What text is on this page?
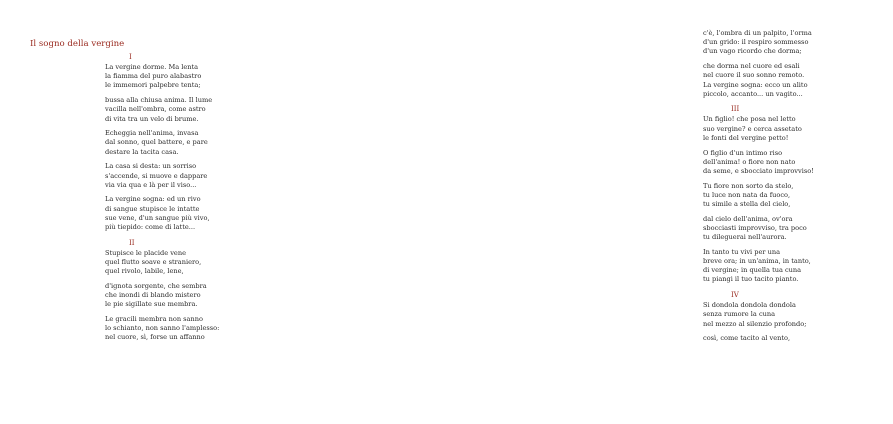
Il sogno della vergine
I
La vergine dorme. Ma lenta
la fiamma del puro alabastro
le immemori palpebre tenta;
bussa alla chiusa anima. Il lume
vacilla nell'ombra, come astro
di vita tra un velo di brume.
Echeggia nell'anima, invasa
dal sonno, quel battere, e pare
destare la tacita casa.
La casa si desta: un sorriso
s'accende, si muove e dappare
via via qua e là per il viso...
La vergine sogna: ed un rivo
di sangue stupisce le intatte
sue vene, d'un sangue più vivo,
più tiepido: come di latte...
II
Stupisce le placide vene
quel flutto soave e straniero,
quel rivolo, labile, lene,
d'ignota sorgente, che sembra
che inondi di blando mistero
le pie sigillate sue membra.
Le gracili membra non sanno
lo schianto, non sanno l'amplesso:
nel cuore, sì, forse un affanno
c'è, l'ombra di un palpito, l'orma
d'un grido: il respiro sommesso
d'un vago ricordo che dorma;
che dorma nel cuore ed esali
nel cuore il suo sonno remoto.
La vergine sogna: ecco un alito
piccolo, accanto... un vagito...
III
Un figlio! che posa nel letto
suo vergine? e cerca assetato
le fonti del vergine petto!
O figlio d'un intimo riso
dell'anima! o fiore non nato
da seme, e sbocciato improvviso!
Tu fiore non sorto da stelo,
tu luce non nata da fuoco,
tu simile a stella del cielo,
dal cielo dell'anima, ov'ora
sbocciasti improvviso, tra poco
tu dileguerai nell'aurora.
In tanto tu vivi per una
breve ora; in un'anima, in tanto,
di vergine; in quella tua cuna
tu piangi il tuo tacito pianto.
IV
Si dondola dondola dondola
senza rumore la cuna
nel mezzo al silenzio profondo;
così, come tacito al vento,
